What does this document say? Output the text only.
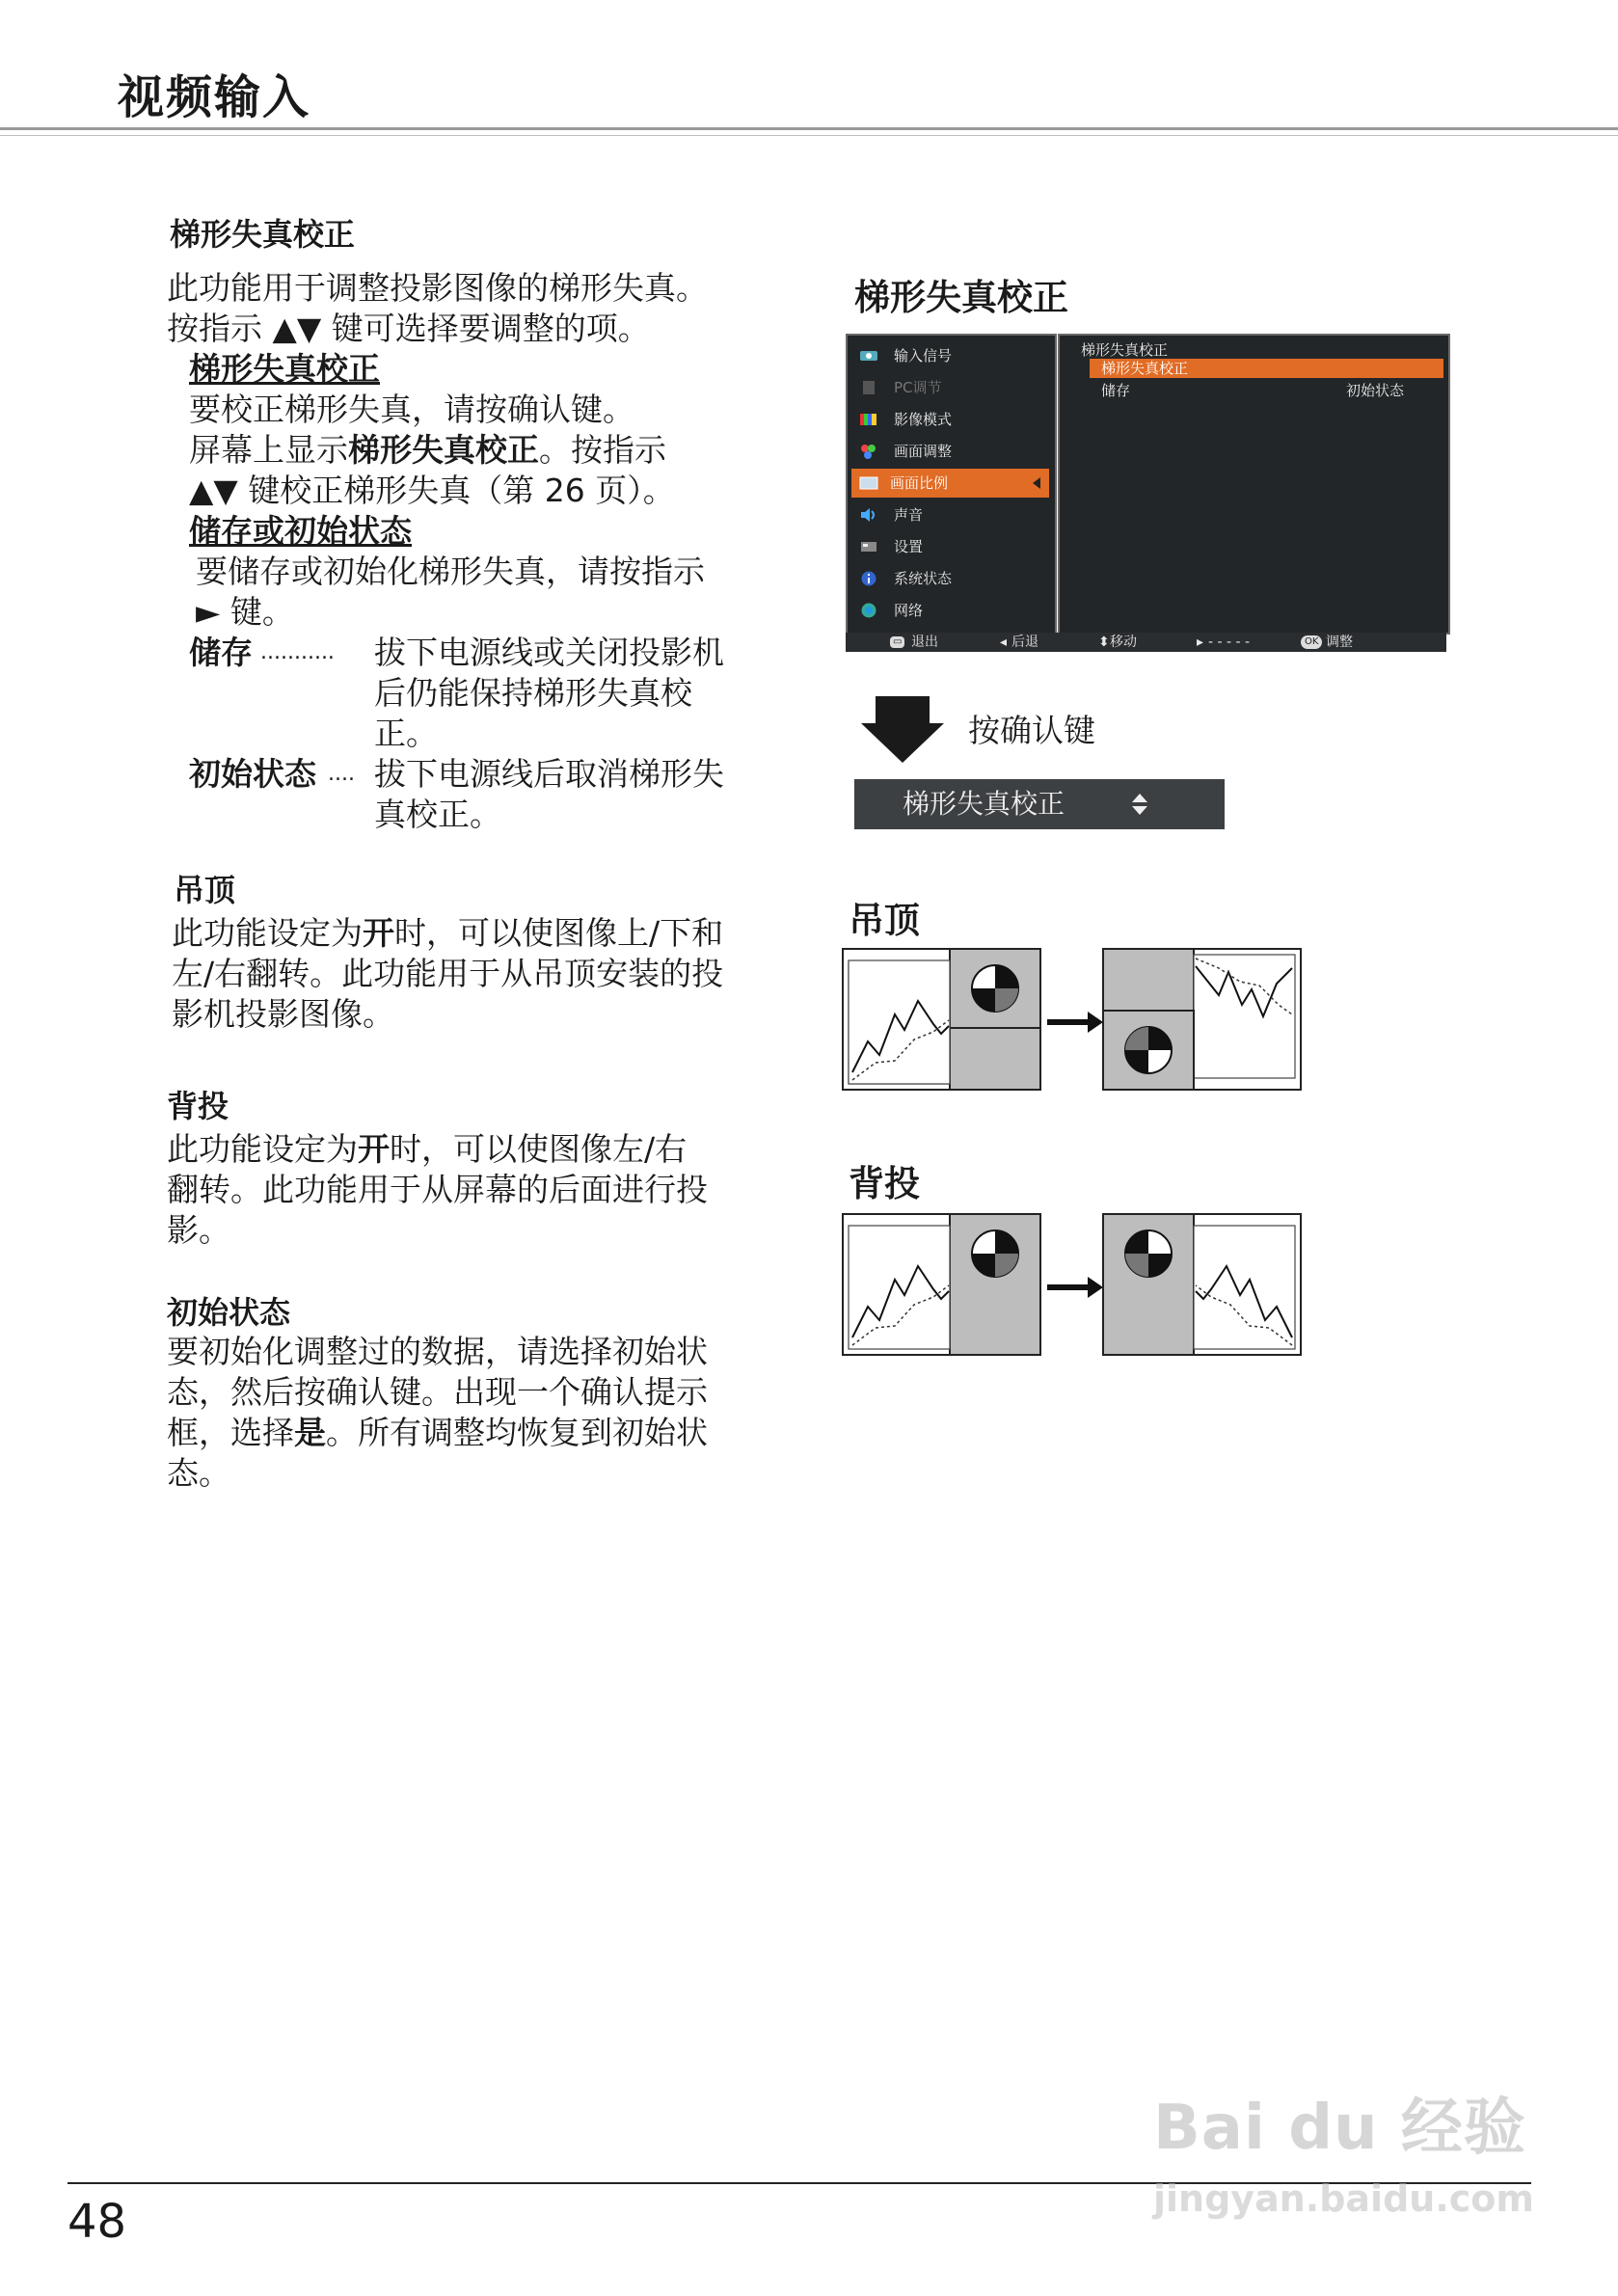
视频输入
梯形失真校正
此功能用于调整投影图像的梯形失真。
按指示 ▲▼ 键可选择要调整的项。
梯形失真校正
要校正梯形失真，请按确认键。
屏幕上显示梯形失真校正。按指示
▲▼ 键校正梯形失真（第 26 页）。
储存或初始状态
要储存或初始化梯形失真，请按指示
► 键。
储存 ........... 拔下电源线或关闭投影机
后仍能保持梯形失真校
正。
初始状态 .... 拔下电源线后取消梯形失
真校正。
吊顶
此功能设定为开时，可以使图像上/下和
左/右翻转。此功能用于从吊顶安装的投
影机投影图像。
背投
此功能设定为开时，可以使图像左/右
翻转。此功能用于从屏幕的后面进行投
影。
初始状态
要初始化调整过的数据，请选择初始状
态，然后按确认键。出现一个确认提示
框，选择是。所有调整均恢复到初始状
态。
梯形失真校正
输入信号
PC调节
影像模式
画面调整
画面比例
声音
设置
系统状态
网络
梯形失真校正
梯形失真校正
储存	初始状态
▭ 退出	◂ 后退	⬍ 移动	▸ - - - - -	OK 调整
按确认键
梯形失真校正
吊顶
背投
48
Bai du 经验
jingyan.baidu.com
